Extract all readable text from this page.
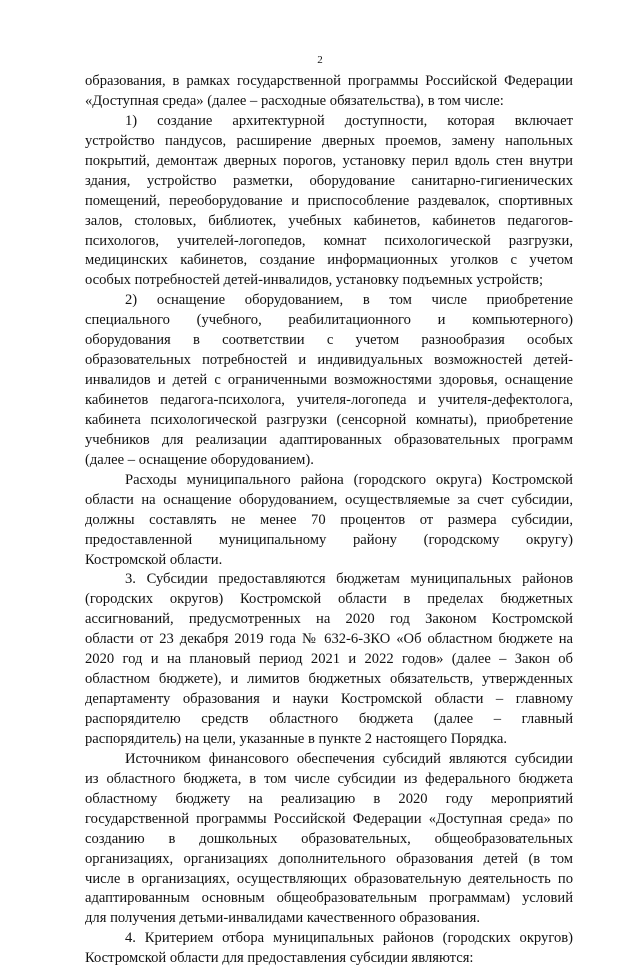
2
образования, в рамках государственной программы Российской Федерации
«Доступная среда» (далее – расходные обязательства), в том числе:
1) создание архитектурной доступности, которая включает
устройство пандусов, расширение дверных проемов, замену напольных
покрытий, демонтаж дверных порогов, установку перил вдоль стен внутри
здания, устройство разметки, оборудование санитарно-гигиенических
помещений, переоборудование и приспособление раздевалок, спортивных
залов, столовых, библиотек, учебных кабинетов, кабинетов педагогов-
психологов, учителей-логопедов, комнат психологической разгрузки,
медицинских кабинетов, создание информационных уголков с учетом
особых потребностей детей-инвалидов, установку подъемных устройств;
2) оснащение оборудованием, в том числе приобретение
специального (учебного, реабилитационного и компьютерного)
оборудования в соответствии с учетом разнообразия особых
образовательных потребностей и индивидуальных возможностей детей-
инвалидов и детей с ограниченными возможностями здоровья, оснащение
кабинетов педагога-психолога, учителя-логопеда и учителя-дефектолога,
кабинета психологической разгрузки (сенсорной комнаты), приобретение
учебников для реализации адаптированных образовательных программ
(далее – оснащение оборудованием).
Расходы муниципального района (городского округа) Костромской
области на оснащение оборудованием, осуществляемые за счет субсидии,
должны составлять не менее 70 процентов от размера субсидии,
предоставленной муниципальному району (городскому округу)
Костромской области.
3. Субсидии предоставляются бюджетам муниципальных районов
(городских округов) Костромской области в пределах бюджетных
ассигнований, предусмотренных на 2020 год Законом Костромской
области от 23 декабря 2019 года № 632-6-ЗКО «Об областном бюджете на
2020 год и на плановый период 2021 и 2022 годов» (далее – Закон об
областном бюджете), и лимитов бюджетных обязательств, утвержденных
департаменту образования и науки Костромской области – главному
распорядителю средств областного бюджета (далее – главный
распорядитель) на цели, указанные в пункте 2 настоящего Порядка.
Источником финансового обеспечения субсидий являются субсидии
из областного бюджета, в том числе субсидии из федерального бюджета
областному бюджету на реализацию в 2020 году мероприятий
государственной программы Российской Федерации «Доступная среда» по
созданию в дошкольных образовательных, общеобразовательных
организациях, организациях дополнительного образования детей (в том
числе в организациях, осуществляющих образовательную деятельность по
адаптированным основным общеобразовательным программам) условий
для получения детьми-инвалидами качественного образования.
4. Критерием отбора муниципальных районов (городских округов)
Костромской области для предоставления субсидии являются:
